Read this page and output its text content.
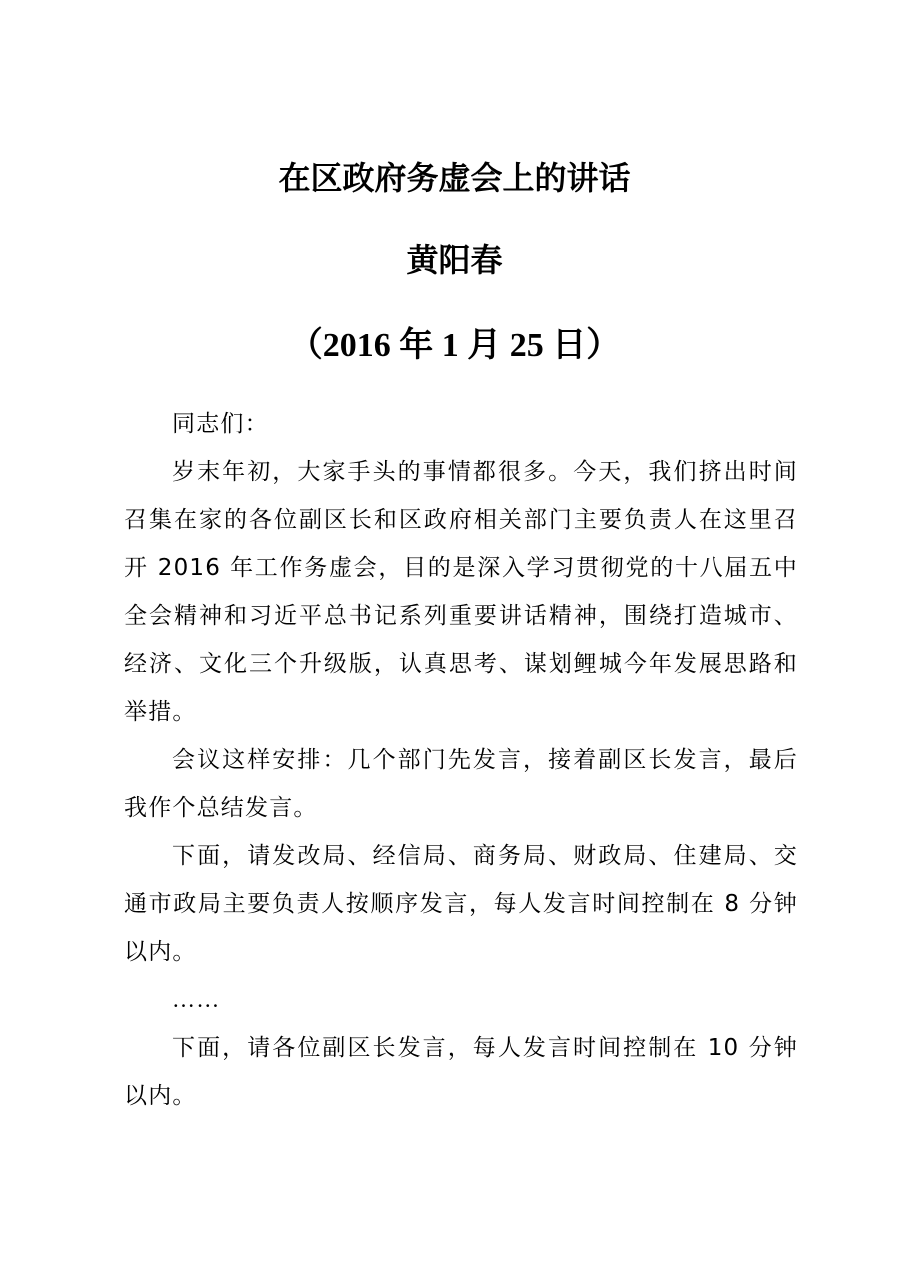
在区政府务虚会上的讲话
黄阳春
（2016 年 1 月 25 日）

同志们：

岁末年初，大家手头的事情都很多。今天，我们挤出时间召集在家的各位副区长和区政府相关部门主要负责人在这里召开 2016 年工作务虚会，目的是深入学习贯彻党的十八届五中全会精神和习近平总书记系列重要讲话精神，围绕打造城市、经济、文化三个升级版，认真思考、谋划鲤城今年发展思路和举措。

会议这样安排：几个部门先发言，接着副区长发言，最后我作个总结发言。

下面，请发改局、经信局、商务局、财政局、住建局、交通市政局主要负责人按顺序发言，每人发言时间控制在 8 分钟以内。

……

下面，请各位副区长发言，每人发言时间控制在 10 分钟以内。
